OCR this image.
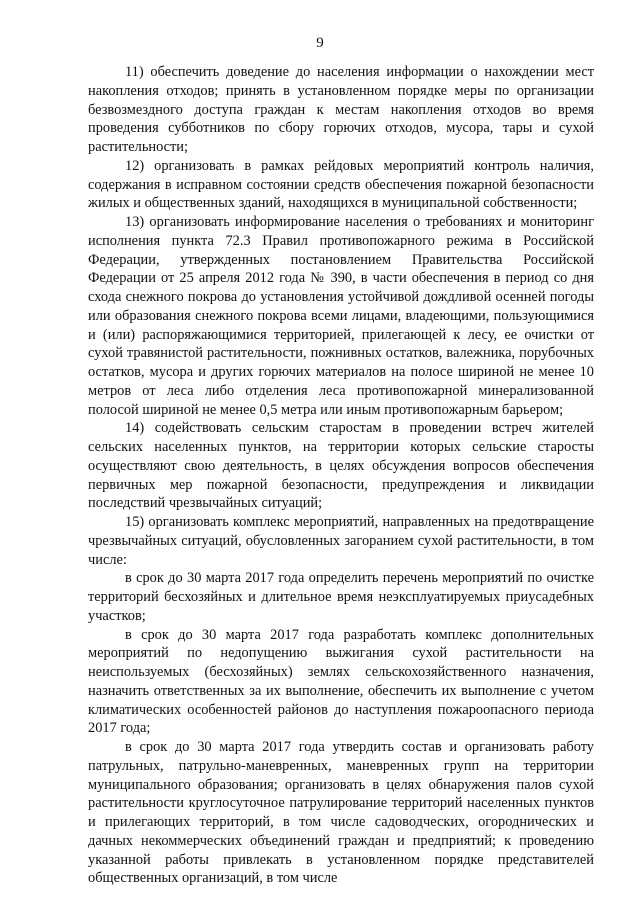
9

11) обеспечить доведение до населения информации о нахождении мест накопления отходов; принять в установленном порядке меры по организации безвозмездного доступа граждан к местам накопления отходов во время проведения субботников по сбору горючих отходов, мусора, тары и сухой растительности;

12) организовать в рамках рейдовых мероприятий контроль наличия, содержания в исправном состоянии средств обеспечения пожарной безопасности жилых и общественных зданий, находящихся в муниципальной собственности;

13) организовать информирование населения о требованиях и мониторинг исполнения пункта 72.3 Правил противопожарного режима в Российской Федерации, утвержденных постановлением Правительства Российской Федерации от 25 апреля 2012 года № 390, в части обеспечения в период со дня схода снежного покрова до установления устойчивой дождливой осенней погоды или образования снежного покрова всеми лицами, владеющими, пользующимися и (или) распоряжающимися территорией, прилегающей к лесу, ее очистки от сухой травянистой растительности, пожнивных остатков, валежника, порубочных остатков, мусора и других горючих материалов на полосе шириной не менее 10 метров от леса либо отделения леса противопожарной минерализованной полосой шириной не менее 0,5 метра или иным противопожарным барьером;

14) содействовать сельским старостам в проведении встреч жителей сельских населенных пунктов, на территории которых сельские старосты осуществляют свою деятельность, в целях обсуждения вопросов обеспечения первичных мер пожарной безопасности, предупреждения и ликвидации последствий чрезвычайных ситуаций;

15) организовать комплекс мероприятий, направленных на предотвращение чрезвычайных ситуаций, обусловленных загоранием сухой растительности, в том числе:

в срок до 30 марта 2017 года определить перечень мероприятий по очистке территорий бесхозяйных и длительное время неэксплуатируемых приусадебных участков;

в срок до 30 марта 2017 года разработать комплекс дополнительных мероприятий по недопущению выжигания сухой растительности на неиспользуемых (бесхозяйных) землях сельскохозяйственного назначения, назначить ответственных за их выполнение, обеспечить их выполнение с учетом климатических особенностей районов до наступления пожароопасного периода 2017 года;

в срок до 30 марта 2017 года утвердить состав и организовать работу патрульных, патрульно-маневренных, маневренных групп на территории муниципального образования; организовать в целях обнаружения палов сухой растительности круглосуточное патрулирование территорий населенных пунктов и прилегающих территорий, в том числе садоводческих, огороднических и дачных некоммерческих объединений граждан и предприятий; к проведению указанной работы привлекать в установленном порядке представителей общественных организаций, в том числе
